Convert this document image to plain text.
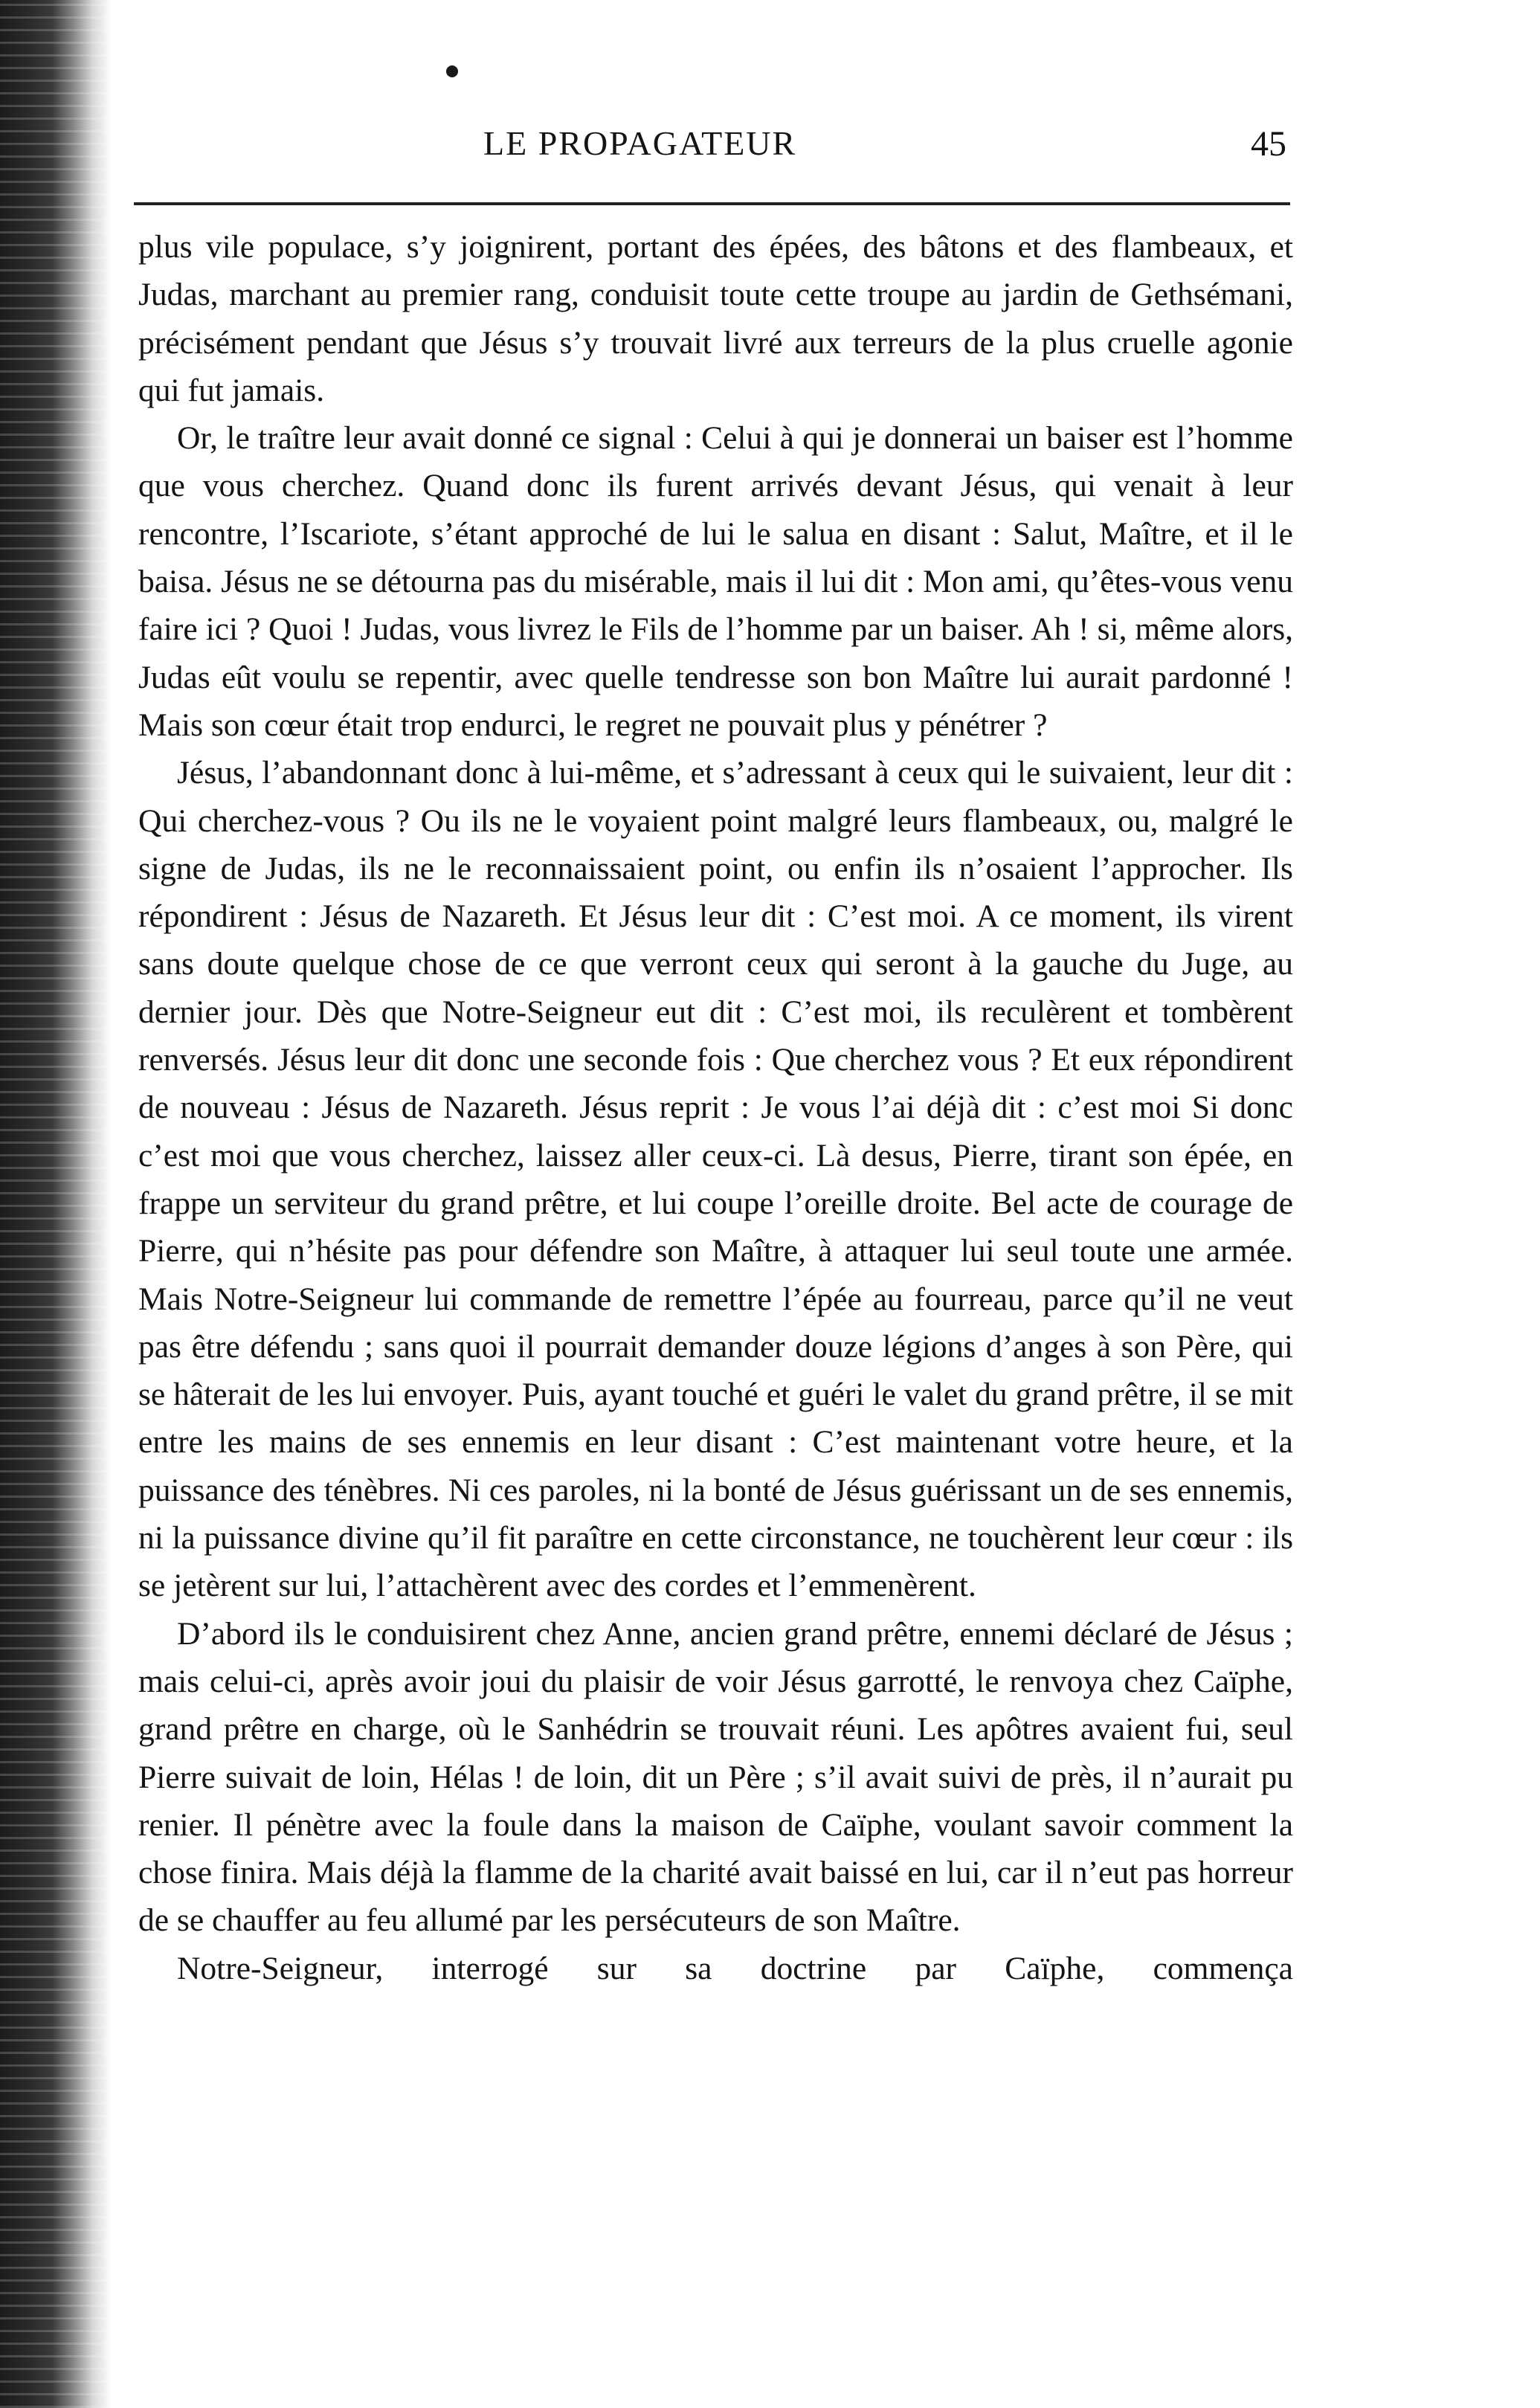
LE PROPAGATEUR	45

plus vile populace, s’y joignirent, portant des épées, des bâtons et des flambeaux, et Judas, marchant au premier rang, conduisit toute cette troupe au jardin de Gethsémani, précisément pendant que Jésus s’y trouvait livré aux terreurs de la plus cruelle agonie qui fut jamais.

Or, le traître leur avait donné ce signal : Celui à qui je donnerai un baiser est l’homme que vous cherchez. Quand donc ils furent arrivés devant Jésus, qui venait à leur rencontre, l’Iscariote, s’étant approché de lui le salua en disant : Salut, Maître, et il le baisa. Jésus ne se détourna pas du misérable, mais il lui dit : Mon ami, qu’êtes-vous venu faire ici ? Quoi ! Judas, vous livrez le Fils de l’homme par un baiser. Ah ! si, même alors, Judas eût voulu se repentir, avec quelle tendresse son bon Maître lui aurait pardonné ! Mais son cœur était trop endurci, le regret ne pouvait plus y pénétrer ?

Jésus, l’abandonnant donc à lui-même, et s’adressant à ceux qui le suivaient, leur dit : Qui cherchez-vous ? Ou ils ne le voyaient point malgré leurs flambeaux, ou, malgré le signe de Judas, ils ne le reconnaissaient point, ou enfin ils n’osaient l’approcher. Ils répondirent : Jésus de Nazareth. Et Jésus leur dit : C’est moi. A ce moment, ils virent sans doute quelque chose de ce que verront ceux qui seront à la gauche du Juge, au dernier jour. Dès que Notre-Seigneur eut dit : C’est moi, ils reculèrent et tombèrent renversés. Jésus leur dit donc une seconde fois : Que cherchez vous ? Et eux répondirent de nouveau : Jésus de Nazareth. Jésus reprit : Je vous l’ai déjà dit : c’est moi Si donc c’est moi que vous cherchez, laissez aller ceux-ci. Là desus, Pierre, tirant son épée, en frappe un serviteur du grand prêtre, et lui coupe l’oreille droite. Bel acte de courage de Pierre, qui n’hésite pas pour défendre son Maître, à attaquer lui seul toute une armée. Mais Notre-Seigneur lui commande de remettre l’épée au fourreau, parce qu’il ne veut pas être défendu ; sans quoi il pourrait demander douze légions d’anges à son Père, qui se hâterait de les lui envoyer. Puis, ayant touché et guéri le valet du grand prêtre, il se mit entre les mains de ses ennemis en leur disant : C’est maintenant votre heure, et la puissance des ténèbres. Ni ces paroles, ni la bonté de Jésus guérissant un de ses ennemis, ni la puissance divine qu’il fit paraître en cette circonstance, ne touchèrent leur cœur : ils se jetèrent sur lui, l’attachèrent avec des cordes et l’emmenèrent.

D’abord ils le conduisirent chez Anne, ancien grand prêtre, ennemi déclaré de Jésus ; mais celui-ci, après avoir joui du plaisir de voir Jésus garrotté, le renvoya chez Caïphe, grand prêtre en charge, où le Sanhédrin se trouvait réuni. Les apôtres avaient fui, seul Pierre suivait de loin, Hélas ! de loin, dit un Père ; s’il avait suivi de près, il n’aurait pu renier. Il pénètre avec la foule dans la maison de Caïphe, voulant savoir comment la chose finira. Mais déjà la flamme de la charité avait baissé en lui, car il n’eut pas horreur de se chauffer au feu allumé par les persécuteurs de son Maître.

Notre-Seigneur, interrogé sur sa doctrine par Caïphe, commença
